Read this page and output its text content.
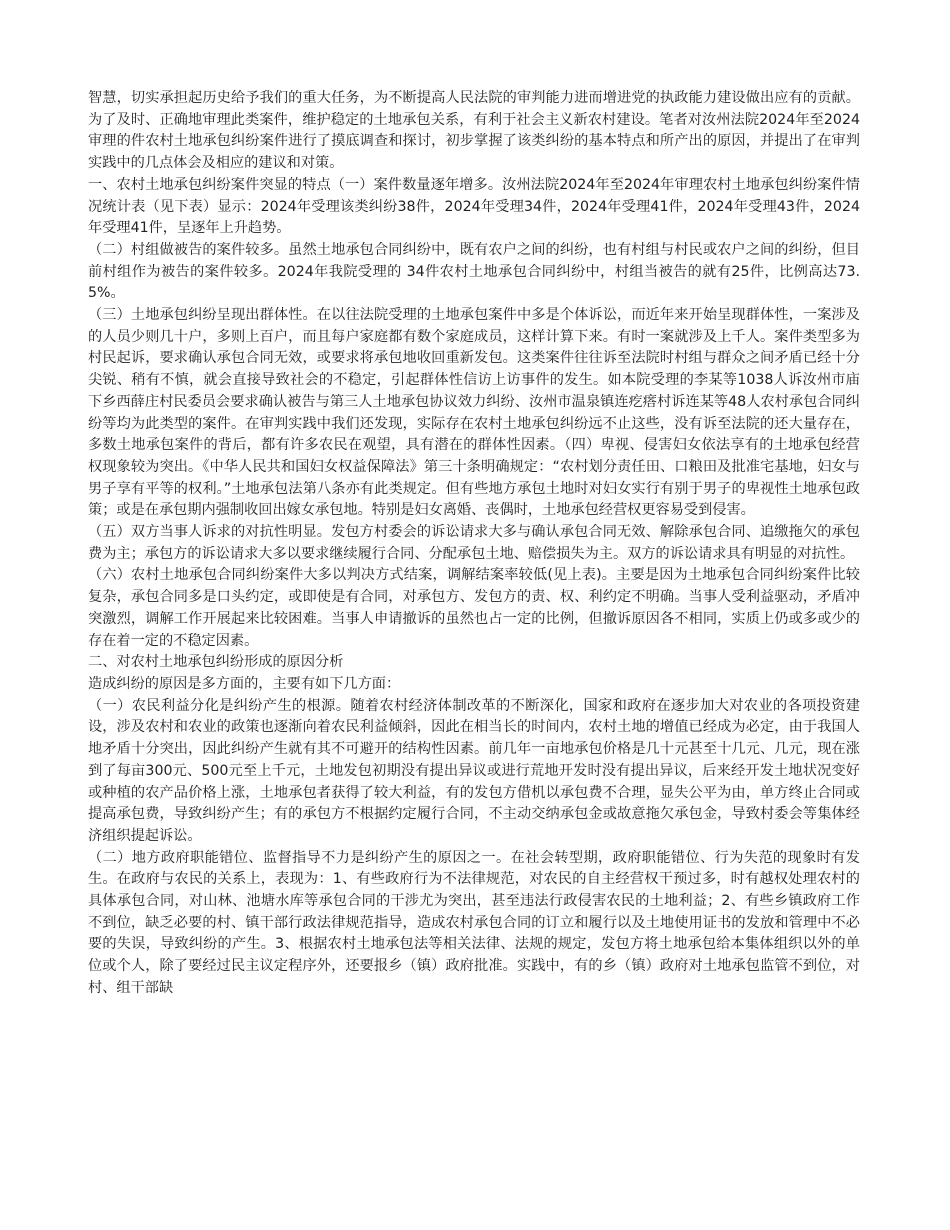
智慧，切实承担起历史给予我们的重大任务，为不断提高人民法院的审判能力进而增进党的执政能力建设做出应有的贡献。为了及时、正确地审理此类案件，维护稳定的土地承包关系，有利于社会主义新农村建设。笔者对汝州法院2024年至2024审理的件农村土地承包纠纷案件进行了摸底调查和探讨，初步掌握了该类纠纷的基本特点和所产出的原因，并提出了在审判实践中的几点体会及相应的建议和对策。

一、农村土地承包纠纷案件突显的特点（一）案件数量逐年增多。汝州法院2024年至2024年审理农村土地承包纠纷案件情况统计表（见下表）显示：2024年受理该类纠纷38件，2024年受理34件，2024年受理41件，2024年受理43件，2024年受理41件，呈逐年上升趋势。

（二）村组做被告的案件较多。虽然土地承包合同纠纷中，既有农户之间的纠纷，也有村组与村民或农户之间的纠纷，但目前村组作为被告的案件较多。2024年我院受理的 34件农村土地承包合同纠纷中，村组当被告的就有25件，比例高达73.5%。

（三）土地承包纠纷呈现出群体性。在以往法院受理的土地承包案件中多是个体诉讼，而近年来开始呈现群体性，一案涉及的人员少则几十户，多则上百户，而且每户家庭都有数个家庭成员，这样计算下来。有时一案就涉及上千人。案件类型多为村民起诉，要求确认承包合同无效，或要求将承包地收回重新发包。这类案件往往诉至法院时村组与群众之间矛盾已经十分尖锐、稍有不慎，就会直接导致社会的不稳定，引起群体性信访上访事件的发生。如本院受理的李某等1038人诉汝州市庙下乡西薛庄村民委员会要求确认被告与第三人土地承包协议效力纠纷、汝州市温泉镇连疙瘩村诉连某等48人农村承包合同纠纷等均为此类型的案件。在审判实践中我们还发现，实际存在农村土地承包纠纷远不止这些，没有诉至法院的还大量存在，多数土地承包案件的背后，都有许多农民在观望，具有潜在的群体性因素。（四）卑视、侵害妇女依法享有的土地承包经营权现象较为突出。《中华人民共和国妇女权益保障法》第三十条明确规定：“农村划分责任田、口粮田及批准宅基地，妇女与男子享有平等的权利。”土地承包法第八条亦有此类规定。但有些地方承包土地时对妇女实行有别于男子的卑视性土地承包政策；或是在承包期内强制收回出嫁女承包地。特别是妇女离婚、丧偶时，土地承包经营权更容易受到侵害。

（五）双方当事人诉求的对抗性明显。发包方村委会的诉讼请求大多与确认承包合同无效、解除承包合同、追缴拖欠的承包费为主；承包方的诉讼请求大多以要求继续履行合同、分配承包土地、赔偿损失为主。双方的诉讼请求具有明显的对抗性。

（六）农村土地承包合同纠纷案件大多以判决方式结案，调解结案率较低(见上表)。主要是因为土地承包合同纠纷案件比较复杂，承包合同多是口头约定，或即使是有合同，对承包方、发包方的责、权、利约定不明确。当事人受利益驱动，矛盾冲突激烈，调解工作开展起来比较困难。当事人申请撤诉的虽然也占一定的比例，但撤诉原因各不相同，实质上仍或多或少的存在着一定的不稳定因素。

二、对农村土地承包纠纷形成的原因分析

造成纠纷的原因是多方面的，主要有如下几方面：

（一）农民利益分化是纠纷产生的根源。随着农村经济体制改革的不断深化，国家和政府在逐步加大对农业的各项投资建设，涉及农村和农业的政策也逐渐向着农民利益倾斜，因此在相当长的时间内，农村土地的增值已经成为必定，由于我国人地矛盾十分突出，因此纠纷产生就有其不可避开的结构性因素。前几年一亩地承包价格是几十元甚至十几元、几元，现在涨到了每亩300元、500元至上千元，土地发包初期没有提出异议或进行荒地开发时没有提出异议，后来经开发土地状况变好或种植的农产品价格上涨，土地承包者获得了较大利益，有的发包方借机以承包费不合理，显失公平为由，单方终止合同或提高承包费，导致纠纷产生；有的承包方不根据约定履行合同，不主动交纳承包金或故意拖欠承包金，导致村委会等集体经济组织提起诉讼。

（二）地方政府职能错位、监督指导不力是纠纷产生的原因之一。在社会转型期，政府职能错位、行为失范的现象时有发生。在政府与农民的关系上，表现为：1、有些政府行为不法律规范，对农民的自主经营权干预过多，时有越权处理农村的具体承包合同，对山林、池塘水库等承包合同的干涉尤为突出，甚至违法行政侵害农民的土地利益；2、有些乡镇政府工作不到位，缺乏必要的村、镇干部行政法律规范指导，造成农村承包合同的订立和履行以及土地使用证书的发放和管理中不必要的失误，导致纠纷的产生。3、根据农村土地承包法等相关法律、法规的规定，发包方将土地承包给本集体组织以外的单位或个人，除了要经过民主议定程序外，还要报乡（镇）政府批准。实践中，有的乡（镇）政府对土地承包监管不到位，对村、组干部缺
